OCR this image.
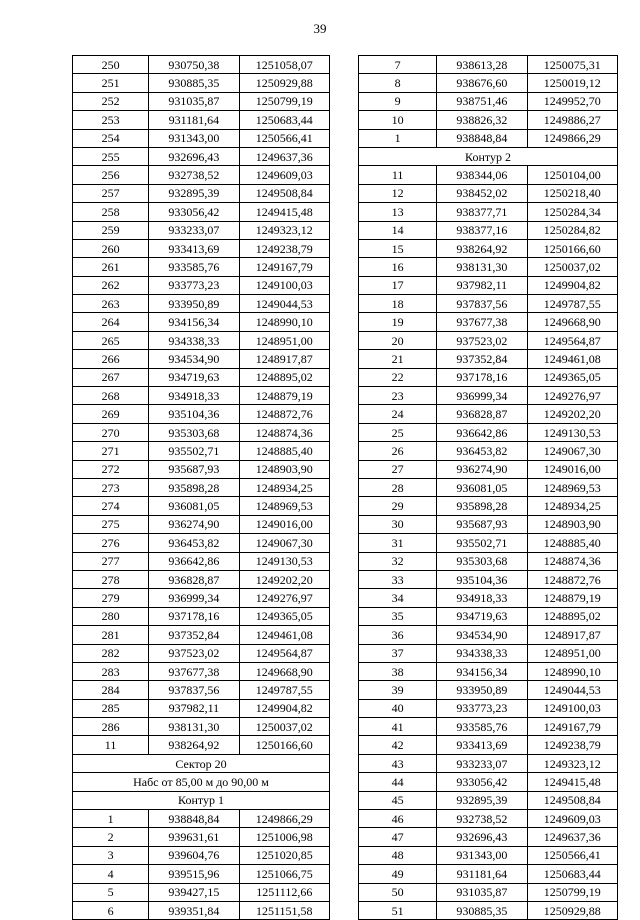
39
250	930750,38	1251058,07
251	930885,35	1250929,88
252	931035,87	1250799,19
253	931181,64	1250683,44
254	931343,00	1250566,41
255	932696,43	1249637,36
256	932738,52	1249609,03
257	932895,39	1249508,84
258	933056,42	1249415,48
259	933233,07	1249323,12
260	933413,69	1249238,79
261	933585,76	1249167,79
262	933773,23	1249100,03
263	933950,89	1249044,53
264	934156,34	1248990,10
265	934338,33	1248951,00
266	934534,90	1248917,87
267	934719,63	1248895,02
268	934918,33	1248879,19
269	935104,36	1248872,76
270	935303,68	1248874,36
271	935502,71	1248885,40
272	935687,93	1248903,90
273	935898,28	1248934,25
274	936081,05	1248969,53
275	936274,90	1249016,00
276	936453,82	1249067,30
277	936642,86	1249130,53
278	936828,87	1249202,20
279	936999,34	1249276,97
280	937178,16	1249365,05
281	937352,84	1249461,08
282	937523,02	1249564,87
283	937677,38	1249668,90
284	937837,56	1249787,55
285	937982,11	1249904,82
286	938131,30	1250037,02
11	938264,92	1250166,60
Сектор 20		
Набс от 85,00 м до 90,00 м		
Контур 1		
1	938848,84	1249866,29
2	939631,61	1251006,98
3	939604,76	1251020,85
4	939515,96	1251066,75
5	939427,15	1251112,66
6	939351,84	1251151,58
7	938613,28	1250075,31
8	938676,60	1250019,12
9	938751,46	1249952,70
10	938826,32	1249886,27
1	938848,84	1249866,29
Контур 2		
11	938344,06	1250104,00
12	938452,02	1250218,40
13	938377,71	1250284,34
14	938377,16	1250284,82
15	938264,92	1250166,60
16	938131,30	1250037,02
17	937982,11	1249904,82
18	937837,56	1249787,55
19	937677,38	1249668,90
20	937523,02	1249564,87
21	937352,84	1249461,08
22	937178,16	1249365,05
23	936999,34	1249276,97
24	936828,87	1249202,20
25	936642,86	1249130,53
26	936453,82	1249067,30
27	936274,90	1249016,00
28	936081,05	1248969,53
29	935898,28	1248934,25
30	935687,93	1248903,90
31	935502,71	1248885,40
32	935303,68	1248874,36
33	935104,36	1248872,76
34	934918,33	1248879,19
35	934719,63	1248895,02
36	934534,90	1248917,87
37	934338,33	1248951,00
38	934156,34	1248990,10
39	933950,89	1249044,53
40	933773,23	1249100,03
41	933585,76	1249167,79
42	933413,69	1249238,79
43	933233,07	1249323,12
44	933056,42	1249415,48
45	932895,39	1249508,84
46	932738,52	1249609,03
47	932696,43	1249637,36
48	931343,00	1250566,41
49	931181,64	1250683,44
50	931035,87	1250799,19
51	930885,35	1250929,88
